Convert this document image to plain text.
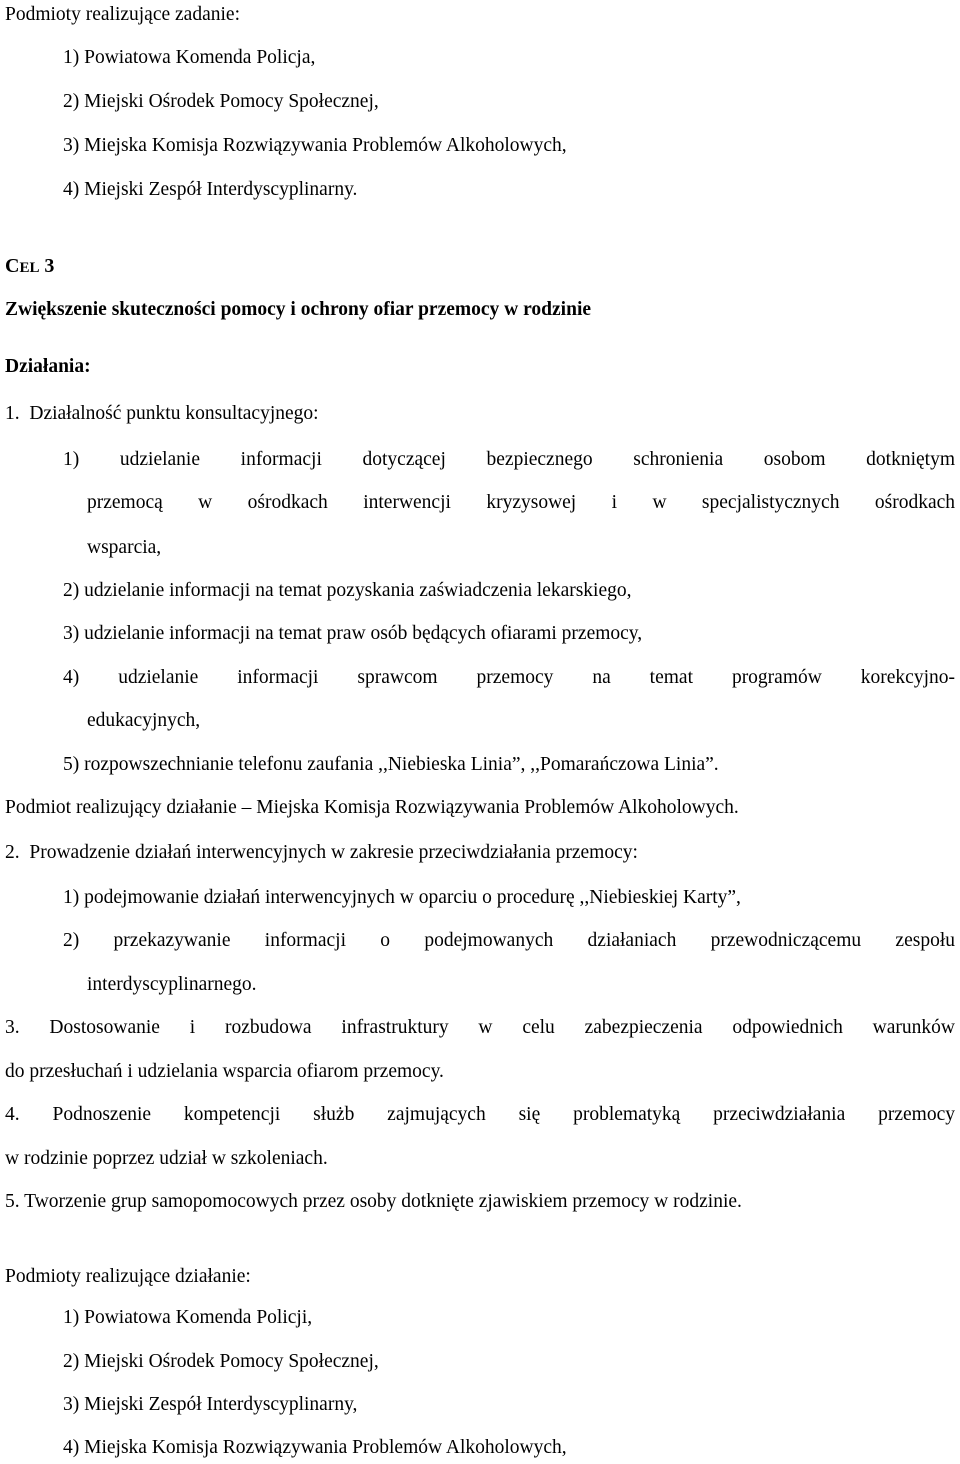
Podmioty realizujące zadanie:
1) Powiatowa Komenda Policja,
2) Miejski Ośrodek Pomocy Społecznej,
3) Miejska Komisja Rozwiązywania Problemów Alkoholowych,
4) Miejski Zespół Interdyscyplinarny.
CEL 3
Zwiększenie skuteczności pomocy i ochrony ofiar przemocy w rodzinie
Działania:
1.  Działalność punktu konsultacyjnego:
1) udzielanie informacji dotyczącej bezpiecznego schronienia osobom dotkniętym
przemocą w ośrodkach interwencji kryzysowej i w specjalistycznych ośrodkach
wsparcia,
2) udzielanie informacji na temat pozyskania zaświadczenia lekarskiego,
3) udzielanie informacji na temat praw osób będących ofiarami przemocy,
4) udzielanie informacji sprawcom przemocy na temat programów korekcyjno-
edukacyjnych,
5) rozpowszechnianie telefonu zaufania ,,Niebieska Linia”, ,,Pomarańczowa Linia”.
Podmiot realizujący działanie – Miejska Komisja Rozwiązywania Problemów Alkoholowych.
2.  Prowadzenie działań interwencyjnych w zakresie przeciwdziałania przemocy:
1) podejmowanie działań interwencyjnych w oparciu o procedurę ,,Niebieskiej Karty”,
2) przekazywanie informacji o podejmowanych działaniach przewodniczącemu zespołu
interdyscyplinarnego.
3. Dostosowanie i rozbudowa infrastruktury w celu zabezpieczenia odpowiednich warunków
do przesłuchań i udzielania wsparcia ofiarom przemocy.
4. Podnoszenie kompetencji służb zajmujących się problematyką przeciwdziałania przemocy
w rodzinie poprzez udział w szkoleniach.
5. Tworzenie grup samopomocowych przez osoby dotknięte zjawiskiem przemocy w rodzinie.
Podmioty realizujące działanie:
1) Powiatowa Komenda Policji,
2) Miejski Ośrodek Pomocy Społecznej,
3) Miejski Zespół Interdyscyplinarny,
4) Miejska Komisja Rozwiązywania Problemów Alkoholowych,
